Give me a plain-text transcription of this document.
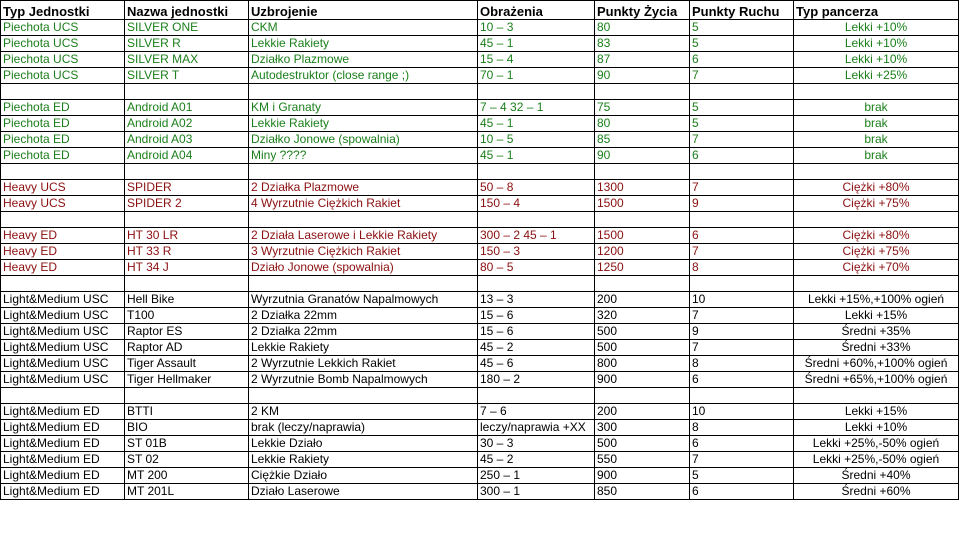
Typ Jednostki	Nazwa jednostki	Uzbrojenie	Obrażenia	Punkty Życia	Punkty Ruchu	Typ pancerza
Piechota UCS	SILVER ONE	CKM	10 – 3	80	5	Lekki +10%
Piechota UCS	SILVER R	Lekkie Rakiety	45 – 1	83	5	Lekki +10%
Piechota UCS	SILVER MAX	Działko Plazmowe	15 – 4	87	6	Lekki +10%
Piechota UCS	SILVER T	Autodestruktor (close range ;)	70 – 1	90	7	Lekki +25%

Piechota ED	Android A01	KM i Granaty	7 – 4 32 – 1	75	5	brak
Piechota ED	Android A02	Lekkie Rakiety	45 – 1	80	5	brak
Piechota ED	Android A03	Działko Jonowe (spowalnia)	10 – 5	85	7	brak
Piechota ED	Android A04	Miny ????	45 – 1	90	6	brak

Heavy UCS	SPIDER	2 Działka Plazmowe	50 – 8	1300	7	Ciężki +80%
Heavy UCS	SPIDER 2	4 Wyrzutnie Ciężkich Rakiet	150 – 4	1500	9	Ciężki +75%

Heavy ED	HT 30 LR	2 Działa Laserowe i Lekkie Rakiety	300 – 2 45 – 1	1500	6	Ciężki +80%
Heavy ED	HT 33 R	3 Wyrzutnie Ciężkich Rakiet	150 – 3	1200	7	Ciężki +75%
Heavy ED	HT 34 J	Działo Jonowe (spowalnia)	80 – 5	1250	8	Ciężki +70%

Light&Medium USC	Hell Bike	Wyrzutnia Granatów Napalmowych	13 – 3	200	10	Lekki +15%,+100% ogień
Light&Medium USC	T100	2 Działka 22mm	15 – 6	320	7	Lekki +15%
Light&Medium USC	Raptor ES	2 Działka 22mm	15 – 6	500	9	Średni +35%
Light&Medium USC	Raptor AD	Lekkie Rakiety	45 – 2	500	7	Średni +33%
Light&Medium USC	Tiger Assault	2 Wyrzutnie Lekkich Rakiet	45 – 6	800	8	Średni +60%,+100% ogień
Light&Medium USC	Tiger Hellmaker	2 Wyrzutnie Bomb Napalmowych	180 – 2	900	6	Średni +65%,+100% ogień

Light&Medium ED	BTTI	2 KM	7 – 6	200	10	Lekki +15%
Light&Medium ED	BIO	brak (leczy/naprawia)	leczy/naprawia +XX	300	8	Lekki +10%
Light&Medium ED	ST 01B	Lekkie Działo	30 – 3	500	6	Lekki +25%,-50% ogień
Light&Medium ED	ST 02	Lekkie Rakiety	45 – 2	550	7	Lekki +25%,-50% ogień
Light&Medium ED	MT 200	Ciężkie Działo	250 – 1	900	5	Średni +40%
Light&Medium ED	MT 201L	Działo Laserowe	300 – 1	850	6	Średni +60%
